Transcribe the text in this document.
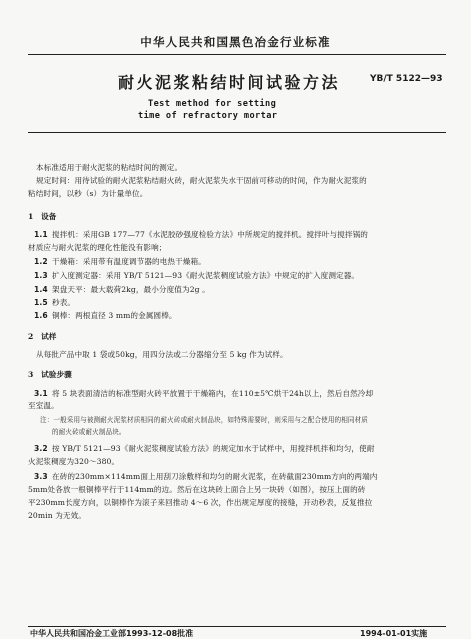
中华人民共和国黑色冶金行业标准
耐火泥浆粘结时间试验方法	YB/T 5122—93
Test method for setting
time of refractory mortar
本标准适用于耐火泥浆的粘结时间的测定。
规定时间：用待试验的耐火泥浆粘结耐火砖，耐火泥浆失水干固前可移动的时间，作为耐火泥浆的
粘结时间，以秒（s）为计量单位。
1　设备
1.1 搅拌机：采用GB 177—77《水泥胶砂强度检验方法》中所规定的搅拌机。搅拌叶与搅拌锅的
材质应与耐火泥浆的理化性能没有影响；
1.2 干燥箱：采用带有温度调节器的电热干燥箱。
1.3 扩入度测定器：采用 YB/T 5121—93《耐火泥浆稠度试验方法》中规定的扩入度测定器。
1.4 架盘天平：最大载荷2kg，最小分度值为2g 。
1.5 秒表。
1.6 铜棒：两根直径 3 mm的金属圆棒。
2　试样
从每批产品中取 1 袋或50kg，用四分法或二分器缩分至 5 kg 作为试样。
3　试验步骤
3.1 将 5 块表面清洁的标准型耐火砖平放置于干燥箱内，在110±5℃烘干24h以上，然后自然冷却
至室温。
注：一般采用与被测耐火泥浆材质相同的耐火砖或耐火制品块，如特殊需要时，则采用与之配合使用的相同材质
的耐火砖或耐火制品块。
3.2 按 YB/T 5121—93《耐火泥浆稠度试验方法》的规定加水于试样中，用搅拌机拌和均匀，使耐
火泥浆稠度为320～380。
3.3 在砖的230mm×114mm面上用刮刀涂敷样和均匀的耐火泥浆，在砖截面230mm方向的两端内
5mm处各放一根铜棒平行于114mm的边。然后在这块砖上面合上另一块砖（如图），按压上面的砖
平230mm长度方向，以铜棒作为滚子来回推动 4～6 次，作出规定厚度的接缝，开动秒表，反复推拉
20min 为无效。
中华人民共和国冶金工业部1993-12-08批准	1994-01-01实施
